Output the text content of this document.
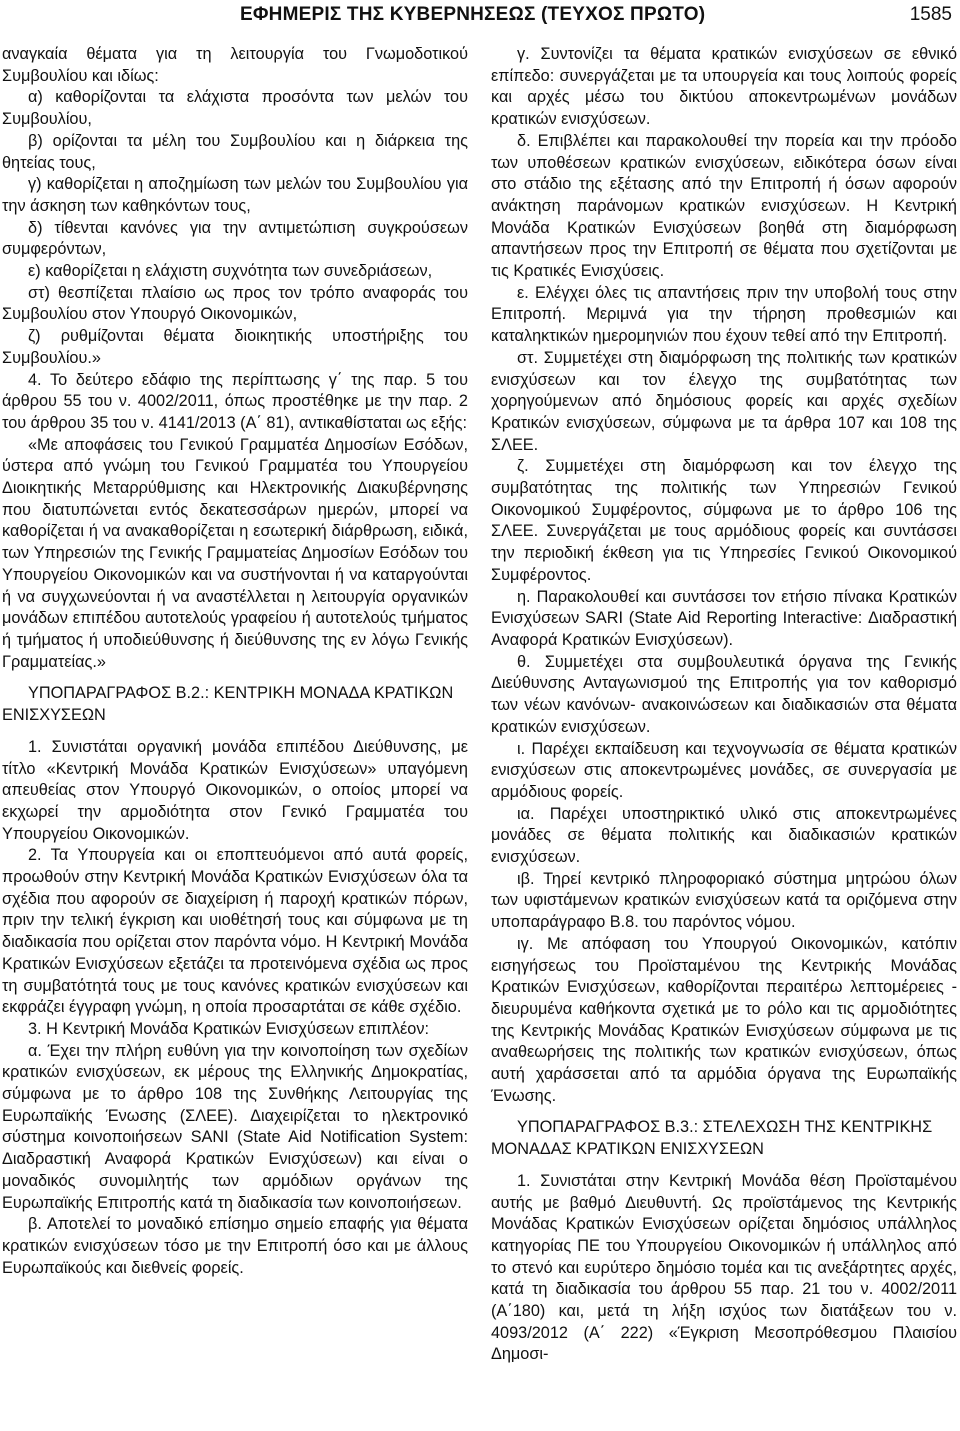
ΕΦΗΜΕΡΙΣ ΤΗΣ ΚΥΒΕΡΝΗΣΕΩΣ (ΤΕΥΧΟΣ ΠΡΩΤΟ)	1585

αναγκαία θέματα για τη λειτουργία του Γνωμοδοτικού Συμβουλίου και ιδίως:

α) καθορίζονται τα ελάχιστα προσόντα των μελών του Συμβουλίου,

β) ορίζονται τα μέλη του Συμβουλίου και η διάρκεια της θητείας τους,

γ) καθορίζεται η αποζημίωση των μελών του Συμβουλίου για την άσκηση των καθηκόντων τους,

δ) τίθενται κανόνες για την αντιμετώπιση συγκρούσεων συμφερόντων,

ε) καθορίζεται η ελάχιστη συχνότητα των συνεδριάσεων,

στ) θεσπίζεται πλαίσιο ως προς τον τρόπο αναφοράς του Συμβουλίου στον Υπουργό Οικονομικών,

ζ) ρυθμίζονται θέματα διοικητικής υποστήριξης του Συμβουλίου.»

4. Το δεύτερο εδάφιο της περίπτωσης γ΄ της παρ. 5 του άρθρου 55 του ν. 4002/2011, όπως προστέθηκε με την παρ. 2 του άρθρου 35 του ν. 4141/2013 (Α΄ 81), αντικαθίσταται ως εξής:

«Με αποφάσεις του Γενικού Γραμματέα Δημοσίων Εσόδων, ύστερα από γνώμη του Γενικού Γραμματέα του Υπουργείου Διοικητικής Μεταρρύθμισης και Ηλεκτρονικής Διακυβέρνησης που διατυπώνεται εντός δεκατεσσάρων ημερών, μπορεί να καθορίζεται ή να ανακαθορίζεται η εσωτερική διάρθρωση, ειδικά, των Υπηρεσιών της Γενικής Γραμματείας Δημοσίων Εσόδων του Υπουργείου Οικονομικών και να συστήνονται ή να καταργούνται ή να συγχωνεύονται ή να αναστέλλεται η λειτουργία οργανικών μονάδων επιπέδου αυτοτελούς γραφείου ή αυτοτελούς τμήματος ή τμήματος ή υποδιεύθυνσης ή διεύθυνσης της εν λόγω Γενικής Γραμματείας.»

ΥΠΟΠΑΡΑΓΡΑΦΟΣ Β.2.: ΚΕΝΤΡΙΚΗ ΜΟΝΑΔΑ ΚΡΑΤΙΚΩΝ ΕΝΙΣΧΥΣΕΩΝ

1. Συνιστάται οργανική μονάδα επιπέδου Διεύθυνσης, με τίτλο «Κεντρική Μονάδα Κρατικών Ενισχύσεων» υπαγόμενη απευθείας στον Υπουργό Οικονομικών, ο οποίος μπορεί να εκχωρεί την αρμοδιότητα στον Γενικό Γραμματέα του Υπουργείου Οικονομικών.

2. Τα Υπουργεία και οι εποπτευόμενοι από αυτά φορείς, προωθούν στην Κεντρική Μονάδα Κρατικών Ενισχύσεων όλα τα σχέδια που αφορούν σε διαχείριση ή παροχή κρατικών πόρων, πριν την τελική έγκριση και υιοθέτησή τους και σύμφωνα με τη διαδικασία που ορίζεται στον παρόντα νόμο. Η Κεντρική Μονάδα Κρατικών Ενισχύσεων εξετάζει τα προτεινόμενα σχέδια ως προς τη συμβατότητά τους με τους κανόνες κρατικών ενισχύσεων και εκφράζει έγγραφη γνώμη, η οποία προσαρτάται σε κάθε σχέδιο.

3. Η Κεντρική Μονάδα Κρατικών Ενισχύσεων επιπλέον:

α. Έχει την πλήρη ευθύνη για την κοινοποίηση των σχεδίων κρατικών ενισχύσεων, εκ μέρους της Ελληνικής Δημοκρατίας, σύμφωνα με το άρθρο 108 της Συνθήκης Λειτουργίας της Ευρωπαϊκής Ένωσης (ΣΛΕΕ). Διαχειρίζεται το ηλεκτρονικό σύστημα κοινοποιήσεων SANI (State Aid Notification System: Διαδραστική Αναφορά Κρατικών Ενισχύσεων) και είναι ο μοναδικός συνομιλητής των αρμόδιων οργάνων της Ευρωπαϊκής Επιτροπής κατά τη διαδικασία των κοινοποιήσεων.

β. Αποτελεί το μοναδικό επίσημο σημείο επαφής για θέματα κρατικών ενισχύσεων τόσο με την Επιτροπή όσο και με άλλους Ευρωπαϊκούς και διεθνείς φορείς.

γ. Συντονίζει τα θέματα κρατικών ενισχύσεων σε εθνικό επίπεδο: συνεργάζεται με τα υπουργεία και τους λοιπούς φορείς και αρχές μέσω του δικτύου αποκεντρωμένων μονάδων κρατικών ενισχύσεων.

δ. Επιβλέπει και παρακολουθεί την πορεία και την πρόοδο των υποθέσεων κρατικών ενισχύσεων, ειδικότερα όσων είναι στο στάδιο της εξέτασης από την Επιτροπή ή όσων αφορούν ανάκτηση παράνομων κρατικών ενισχύσεων. Η Κεντρική Μονάδα Κρατικών Ενισχύσεων βοηθά στη διαμόρφωση απαντήσεων προς την Επιτροπή σε θέματα που σχετίζονται με τις Κρατικές Ενισχύσεις.

ε. Ελέγχει όλες τις απαντήσεις πριν την υποβολή τους στην Επιτροπή. Μεριμνά για την τήρηση προθεσμιών και καταληκτικών ημερομηνιών που έχουν τεθεί από την Επιτροπή.

στ. Συμμετέχει στη διαμόρφωση της πολιτικής των κρατικών ενισχύσεων και τον έλεγχο της συμβατότητας των χορηγούμενων από δημόσιους φορείς και αρχές σχεδίων Κρατικών ενισχύσεων, σύμφωνα με τα άρθρα 107 και 108 της ΣΛΕΕ.

ζ. Συμμετέχει στη διαμόρφωση και τον έλεγχο της συμβατότητας της πολιτικής των Υπηρεσιών Γενικού Οικονομικού Συμφέροντος, σύμφωνα με το άρθρο 106 της ΣΛΕΕ. Συνεργάζεται με τους αρμόδιους φορείς και συντάσσει την περιοδική έκθεση για τις Υπηρεσίες Γενικού Οικονομικού Συμφέροντος.

η. Παρακολουθεί και συντάσσει τον ετήσιο πίνακα Κρατικών Ενισχύσεων SARI (State Aid Reporting Interactive: Διαδραστική Αναφορά Κρατικών Ενισχύσεων).

θ. Συμμετέχει στα συμβουλευτικά όργανα της Γενικής Διεύθυνσης Ανταγωνισμού της Επιτροπής για τον καθορισμό των νέων κανόνων- ανακοινώσεων και διαδικασιών στα θέματα κρατικών ενισχύσεων.

ι. Παρέχει εκπαίδευση και τεχνογνωσία σε θέματα κρατικών ενισχύσεων στις αποκεντρωμένες μονάδες, σε συνεργασία με αρμόδιους φορείς.

ια. Παρέχει υποστηρικτικό υλικό στις αποκεντρωμένες μονάδες σε θέματα πολιτικής και διαδικασιών κρατικών ενισχύσεων.

ιβ. Τηρεί κεντρικό πληροφοριακό σύστημα μητρώου όλων των υφιστάμενων κρατικών ενισχύσεων κατά τα οριζόμενα στην υποπαράγραφο Β.8. του παρόντος νόμου.

ιγ. Με απόφαση του Υπουργού Οικονομικών, κατόπιν εισηγήσεως του Προϊσταμένου της Κεντρικής Μονάδας Κρατικών Ενισχύσεων, καθορίζονται περαιτέρω λεπτομέρειες - διευρυμένα καθήκοντα σχετικά με το ρόλο και τις αρμοδιότητες της Κεντρικής Μονάδας Κρατικών Ενισχύσεων σύμφωνα με τις αναθεωρήσεις της πολιτικής των κρατικών ενισχύσεων, όπως αυτή χαράσσεται από τα αρμόδια όργανα της Ευρωπαϊκής Ένωσης.

ΥΠΟΠΑΡΑΓΡΑΦΟΣ Β.3.: ΣΤΕΛΕΧΩΣΗ ΤΗΣ ΚΕΝΤΡΙΚΗΣ ΜΟΝΑΔΑΣ ΚΡΑΤΙΚΩΝ ΕΝΙΣΧΥΣΕΩΝ

1. Συνιστάται στην Κεντρική Μονάδα θέση Προϊσταμένου αυτής με βαθμό Διευθυντή. Ως προϊστάμενος της Κεντρικής Μονάδας Κρατικών Ενισχύσεων ορίζεται δημόσιος υπάλληλος κατηγορίας ΠΕ του Υπουργείου Οικονομικών ή υπάλληλος από το στενό και ευρύτερο δημόσιο τομέα και τις ανεξάρτητες αρχές, κατά τη διαδικασία του άρθρου 55 παρ. 21 του ν. 4002/2011 (Α΄180) και, μετά τη λήξη ισχύος των διατάξεων του ν. 4093/2012 (Α΄ 222) «Έγκριση Μεσοπρόθεσμου Πλαισίου Δημοσι-
